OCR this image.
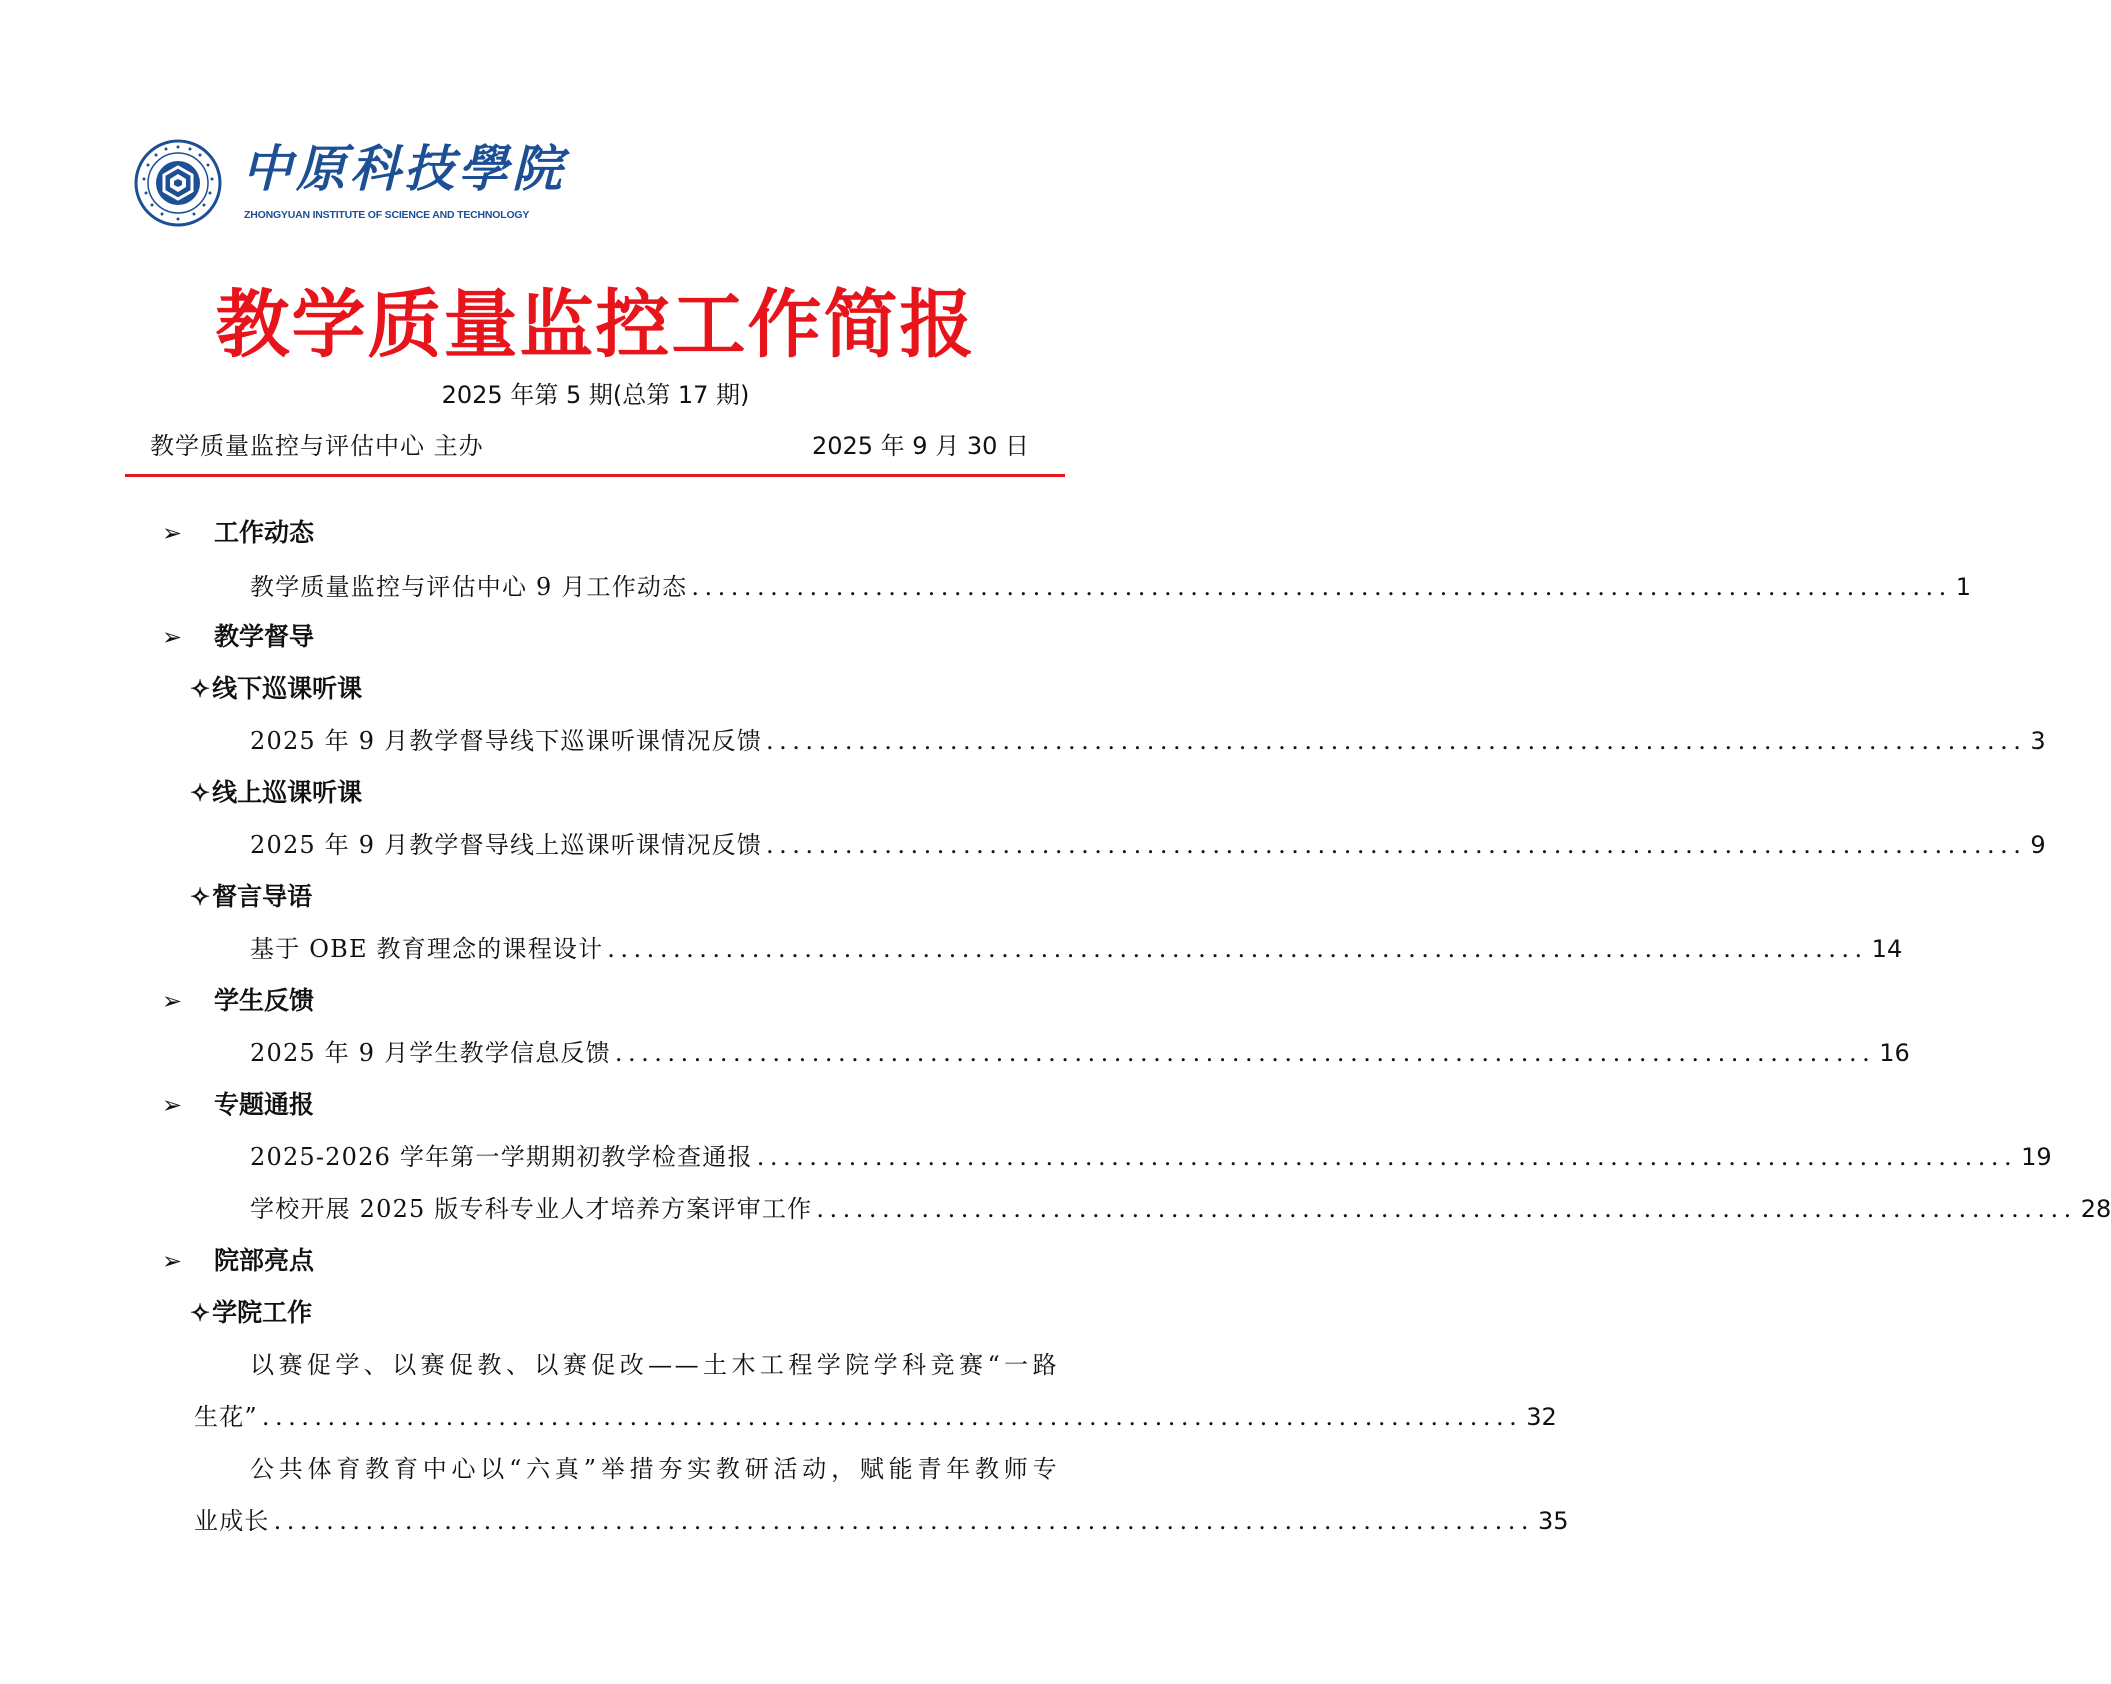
中原科技學院
ZHONGYUAN INSTITUTE OF SCIENCE AND TECHNOLOGY
教学质量监控工作简报
2025 年第 5 期(总第 17 期)
教学质量监控与评估中心 主办	2025 年 9 月 30 日
➢ 工作动态
教学质量监控与评估中心 9 月工作动态 ................................................................................................ 1
➢ 教学督导
✧线下巡课听课
2025 年 9 月教学督导线下巡课听课情况反馈 ................................................................................................ 3
✧线上巡课听课
2025 年 9 月教学督导线上巡课听课情况反馈 ................................................................................................ 9
✧督言导语
基于 OBE 教育理念的课程设计 ................................................................................................ 14
➢ 学生反馈
2025 年 9 月学生教学信息反馈 ................................................................................................ 16
➢ 专题通报
2025-2026 学年第一学期期初教学检查通报 ................................................................................................ 19
学校开展 2025 版专科专业人才培养方案评审工作 ................................................................................................ 28
➢ 院部亮点
✧学院工作
以赛促学、以赛促教、以赛促改——土木工程学院学科竞赛“一路
生花” ................................................................................................ 32
公共体育教育中心以“六真”举措夯实教研活动，赋能青年教师专
业成长 ................................................................................................ 35
